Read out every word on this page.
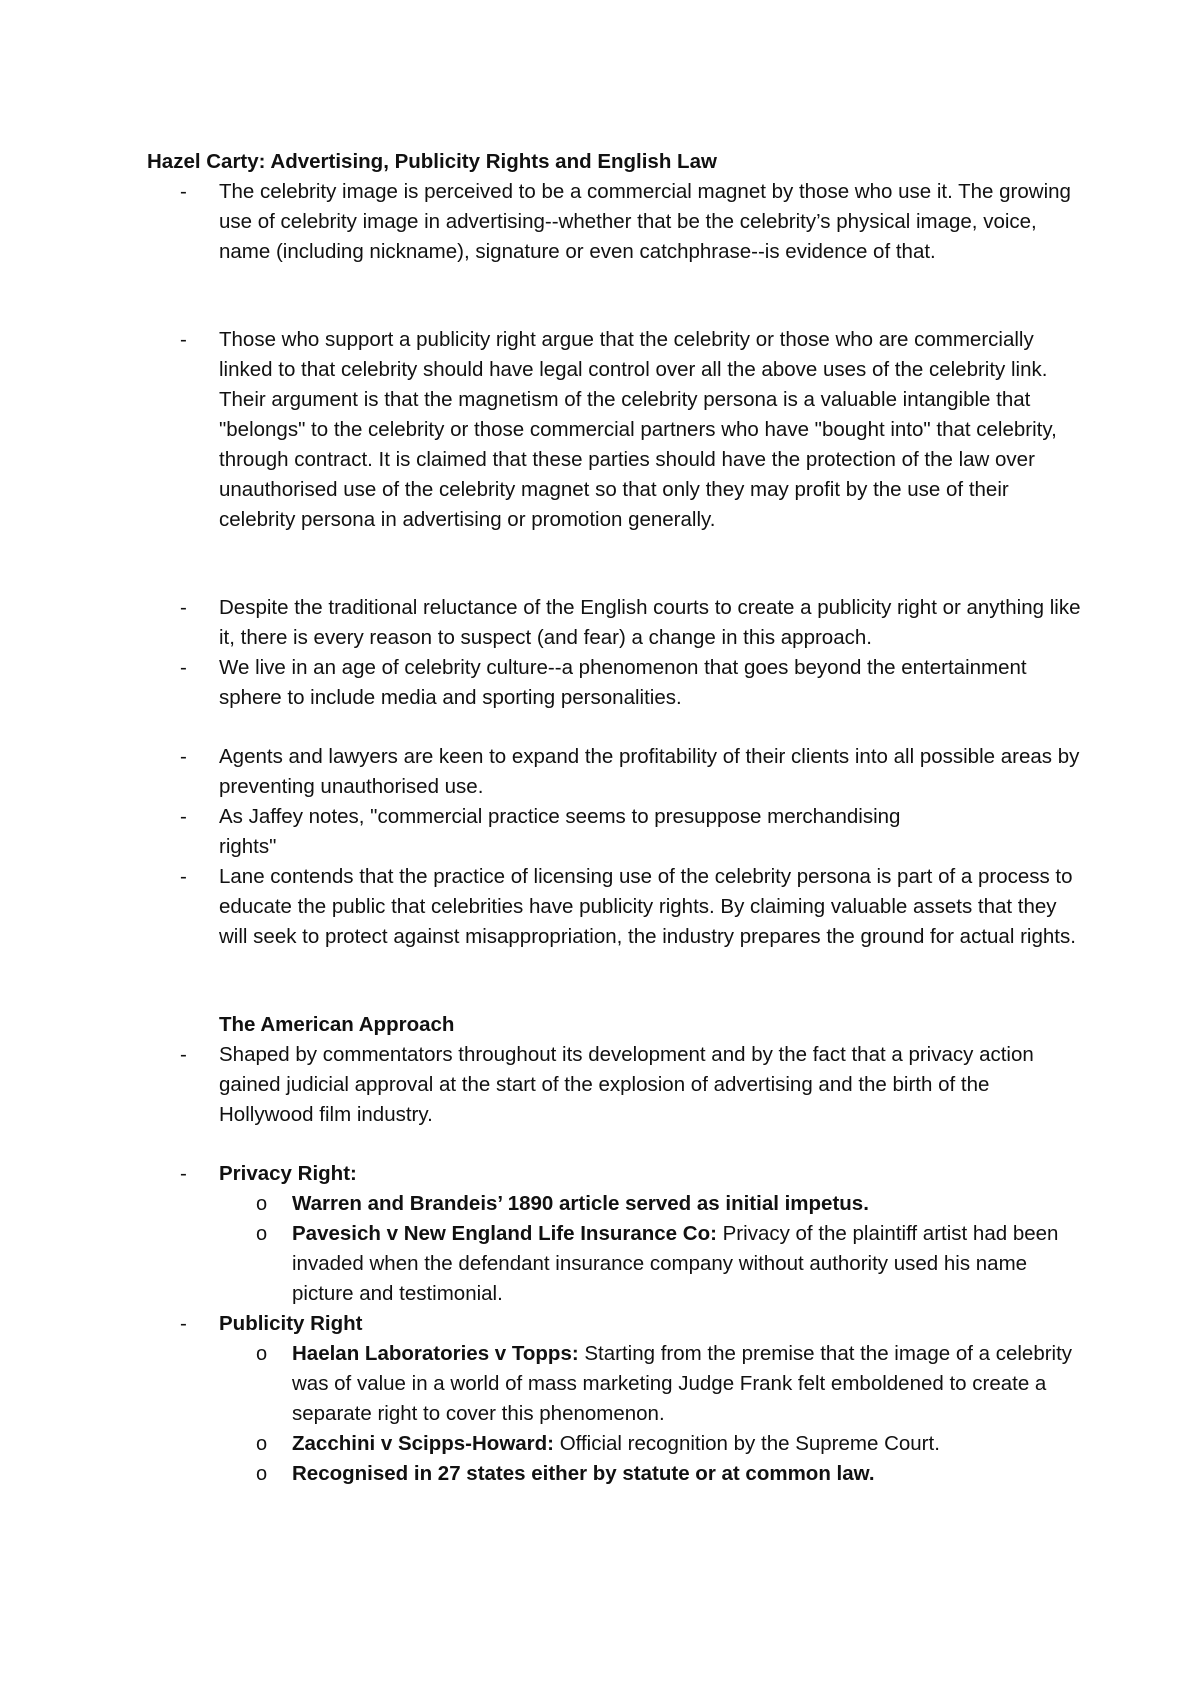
Hazel Carty: Advertising, Publicity Rights and English Law
- The celebrity image is perceived to be a commercial magnet by those who use it. The growing use of celebrity image in advertising--whether that be the celebrity’s physical image, voice, name (including nickname), signature or even catchphrase--is evidence of that.
- Those who support a publicity right argue that the celebrity or those who are commercially linked to that celebrity should have legal control over all the above uses of the celebrity link. Their argument is that the magnetism of the celebrity persona is a valuable intangible that "belongs" to the celebrity or those commercial partners who have "bought into" that celebrity, through contract. It is claimed that these parties should have the protection of the law over unauthorised use of the celebrity magnet so that only they may profit by the use of their celebrity persona in advertising or promotion generally.
- Despite the traditional reluctance of the English courts to create a publicity right or anything like it, there is every reason to suspect (and fear) a change in this approach.
- We live in an age of celebrity culture--a phenomenon that goes beyond the entertainment sphere to include media and sporting personalities.
- Agents and lawyers are keen to expand the profitability of their clients into all possible areas by preventing unauthorised use.
- As Jaffey notes, "commercial practice seems to presuppose merchandising rights"
- Lane contends that the practice of licensing use of the celebrity persona is part of a process to educate the public that celebrities have publicity rights. By claiming valuable assets that they will seek to protect against misappropriation, the industry prepares the ground for actual rights.
The American Approach
- Shaped by commentators throughout its development and by the fact that a privacy action gained judicial approval at the start of the explosion of advertising and the birth of the Hollywood film industry.
- Privacy Right:
o Warren and Brandeis’ 1890 article served as initial impetus.
o Pavesich v New England Life Insurance Co: Privacy of the plaintiff artist had been invaded when the defendant insurance company without authority used his name picture and testimonial.
- Publicity Right
o Haelan Laboratories v Topps: Starting from the premise that the image of a celebrity was of value in a world of mass marketing Judge Frank felt emboldened to create a separate right to cover this phenomenon.
o Zacchini v Scipps-Howard: Official recognition by the Supreme Court.
o Recognised in 27 states either by statute or at common law.
